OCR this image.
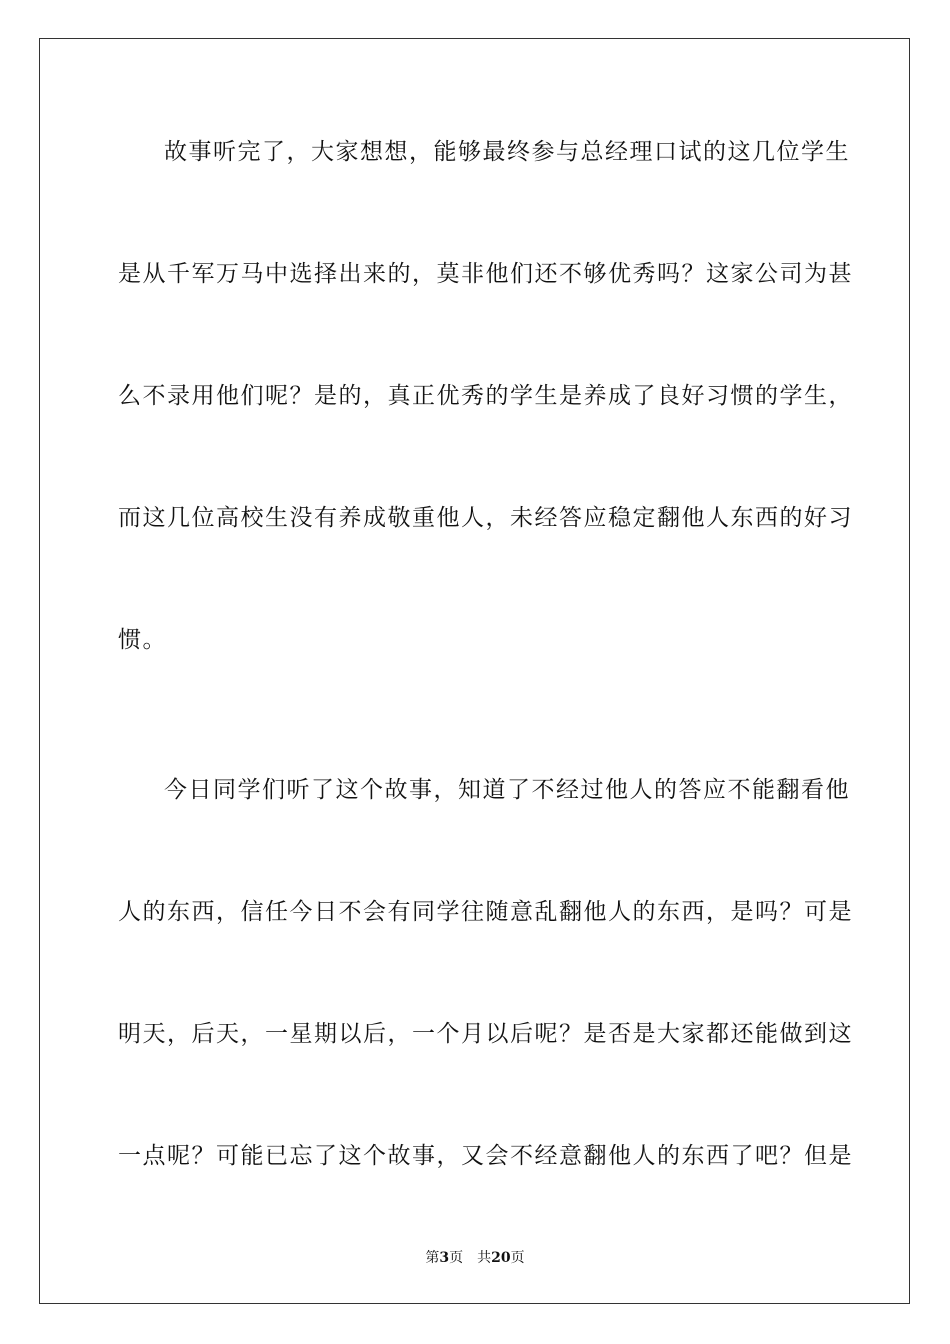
故事听完了，大家想想，能够最终参与总经理口试的这几位学生
是从千军万马中选择出来的，莫非他们还不够优秀吗？这家公司为甚
么不录用他们呢？是的，真正优秀的学生是养成了良好习惯的学生，
而这几位高校生没有养成敬重他人，未经答应稳定翻他人东西的好习
惯。
今日同学们听了这个故事，知道了不经过他人的答应不能翻看他
人的东西，信任今日不会有同学往随意乱翻他人的东西，是吗？可是
明天，后天，一星期以后，一个月以后呢？是否是大家都还能做到这
一点呢？可能已忘了这个故事，又会不经意翻他人的东西了吧？但是
第3页 共20页
